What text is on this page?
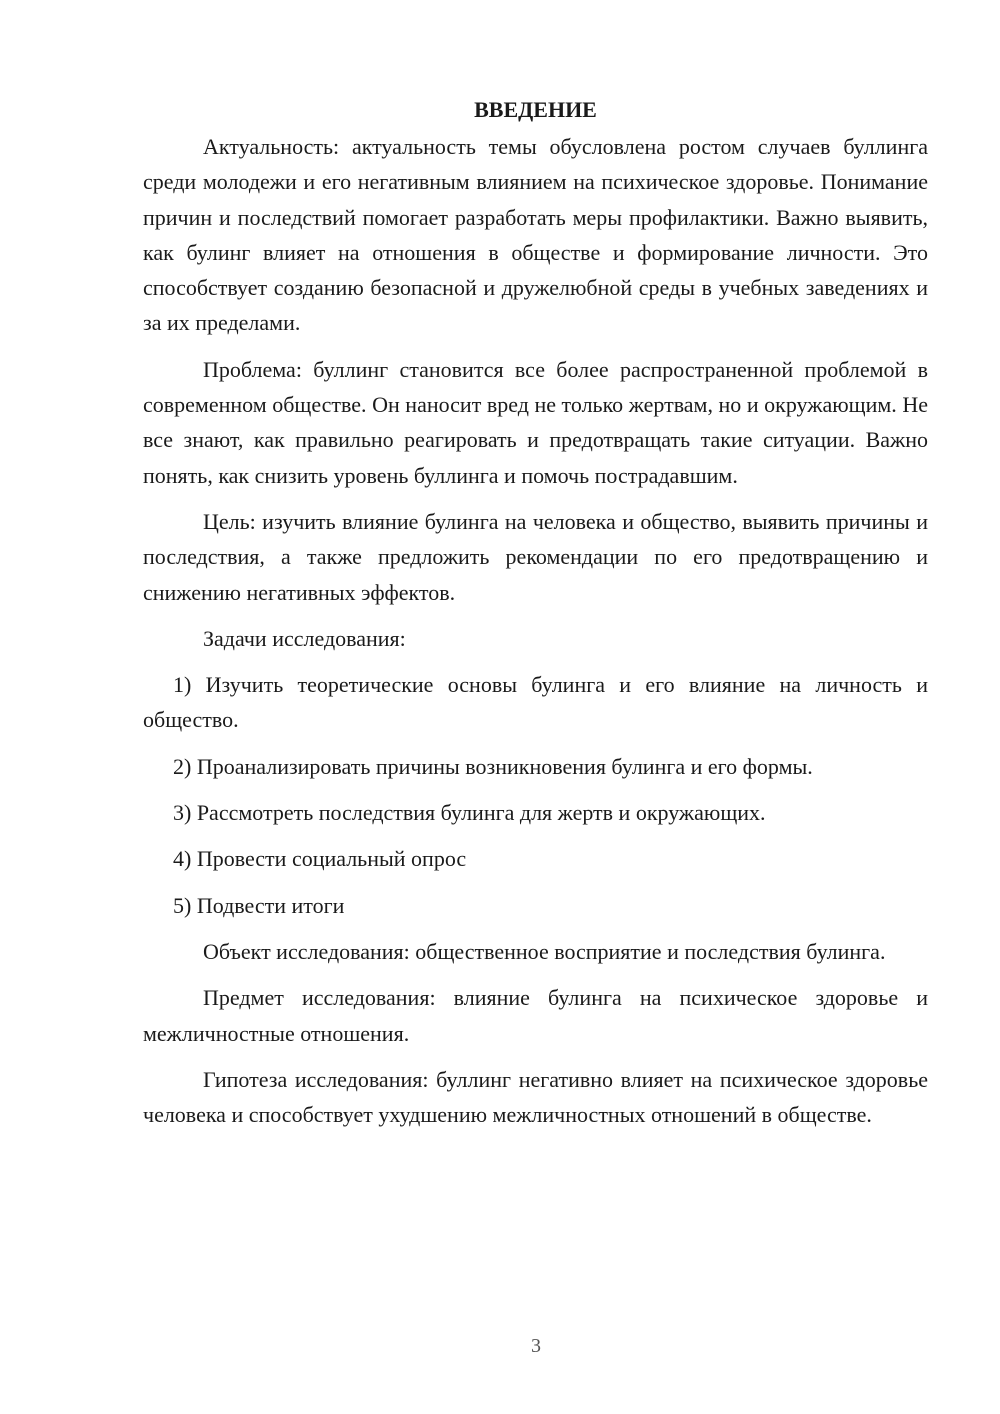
ВВЕДЕНИЕ

Актуальность: актуальность темы обусловлена ростом случаев буллинга среди молодежи и его негативным влиянием на психическое здоровье. Понимание причин и последствий помогает разработать меры профилактики. Важно выявить, как булинг влияет на отношения в обществе и формирование личности. Это способствует созданию безопасной и дружелюбной среды в учебных заведениях и за их пределами.

Проблема: буллинг становится все более распространенной проблемой в современном обществе. Он наносит вред не только жертвам, но и окружающим. Не все знают, как правильно реагировать и предотвращать такие ситуации. Важно понять, как снизить уровень буллинга и помочь пострадавшим.

Цель: изучить влияние булинга на человека и общество, выявить причины и последствия, а также предложить рекомендации по его предотвращению и снижению негативных эффектов.

Задачи исследования:

1) Изучить теоретические основы булинга и его влияние на личность и общество.

2) Проанализировать причины возникновения булинга и его формы.

3) Рассмотреть последствия булинга для жертв и окружающих.

4) Провести социальный опрос

5) Подвести итоги

Объект исследования: общественное восприятие и последствия булинга.

Предмет исследования: влияние булинга на психическое здоровье и межличностные отношения.

Гипотеза исследования: буллинг негативно влияет на психическое здоровье человека и способствует ухудшению межличностных отношений в обществе.

3
